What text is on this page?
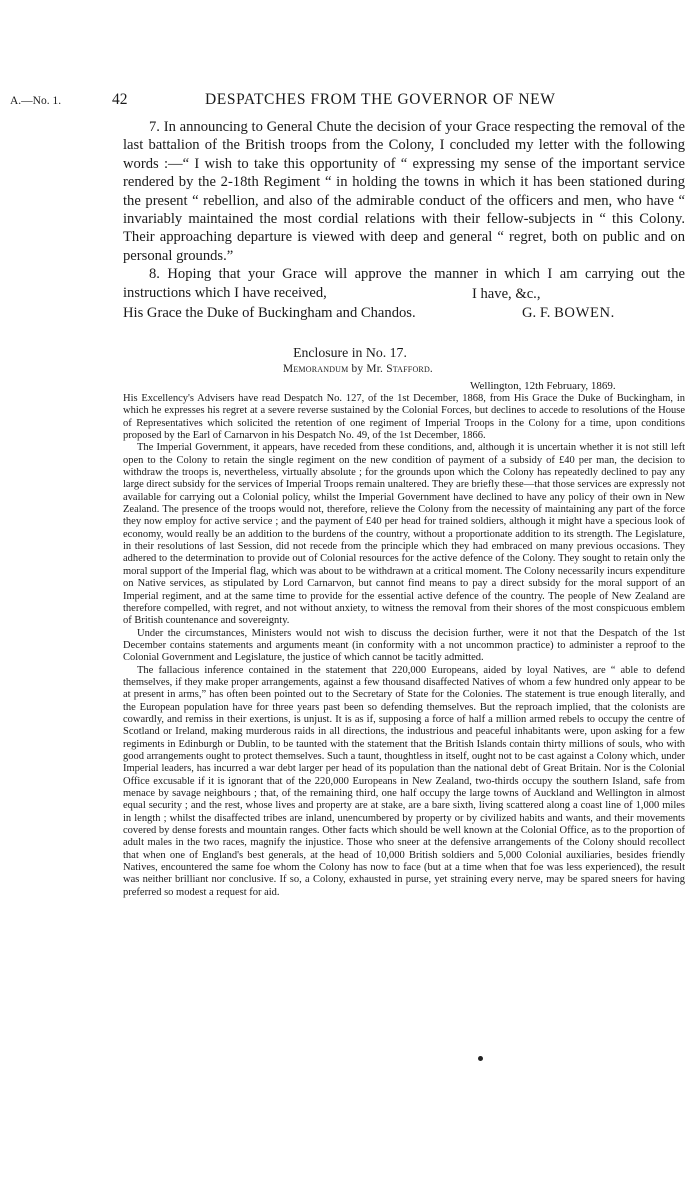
A.—No. 1.	42	DESPATCHES FROM THE GOVERNOR OF NEW

7. In announcing to General Chute the decision of your Grace respecting the removal of the last battalion of the British troops from the Colony, I concluded my letter with the following words :—“ I wish to take this opportunity of “ expressing my sense of the important service rendered by the 2-18th Regiment “ in holding the towns in which it has been stationed during the present “ rebellion, and also of the admirable conduct of the officers and men, who have “ invariably maintained the most cordial relations with their fellow-subjects in “ this Colony. Their approaching departure is viewed with deep and general “ regret, both on public and on personal grounds.”

8. Hoping that your Grace will approve the manner in which I am carrying out the instructions which I have received,	I have, &c.,
His Grace the Duke of Buckingham and Chandos.	G. F. BOWEN.
Enclosure in No. 17.
Memorandum by Mr. Stafford.
Wellington, 12th February, 1869.

His Excellency's Advisers have read Despatch No. 127, of the 1st December, 1868, from His Grace the Duke of Buckingham, in which he expresses his regret at a severe reverse sustained by the Colonial Forces, but declines to accede to resolutions of the House of Representatives which solicited the retention of one regiment of Imperial Troops in the Colony for a time, upon conditions proposed by the Earl of Carnarvon in his Despatch No. 49, of the 1st December, 1866.

The Imperial Government, it appears, have receded from these conditions, and, although it is uncertain whether it is not still left open to the Colony to retain the single regiment on the new condition of payment of a subsidy of £40 per man, the decision to withdraw the troops is, nevertheless, virtually absolute ; for the grounds upon which the Colony has repeatedly declined to pay any large direct subsidy for the services of Imperial Troops remain unaltered. They are briefly these—that those services are expressly not available for carrying out a Colonial policy, whilst the Imperial Government have declined to have any policy of their own in New Zealand. The presence of the troops would not, therefore, relieve the Colony from the necessity of maintaining any part of the force they now employ for active service ; and the payment of £40 per head for trained soldiers, although it might have a specious look of economy, would really be an addition to the burdens of the country, without a proportionate addition to its strength. The Legislature, in their resolutions of last Session, did not recede from the principle which they had embraced on many previous occasions. They adhered to the determination to provide out of Colonial resources for the active defence of the Colony. They sought to retain only the moral support of the Imperial flag, which was about to be withdrawn at a critical moment. The Colony necessarily incurs expenditure on Native services, as stipulated by Lord Carnarvon, but cannot find means to pay a direct subsidy for the moral support of an Imperial regiment, and at the same time to provide for the essential active defence of the country. The people of New Zealand are therefore compelled, with regret, and not without anxiety, to witness the removal from their shores of the most conspicuous emblem of British countenance and sovereignty.

Under the circumstances, Ministers would not wish to discuss the decision further, were it not that the Despatch of the 1st December contains statements and arguments meant (in conformity with a not uncommon practice) to administer a reproof to the Colonial Government and Legislature, the justice of which cannot be tacitly admitted.

The fallacious inference contained in the statement that 220,000 Europeans, aided by loyal Natives, are “ able to defend themselves, if they make proper arrangements, against a few thousand disaffected Natives of whom a few hundred only appear to be at present in arms,” has often been pointed out to the Secretary of State for the Colonies. The statement is true enough literally, and the European population have for three years past been so defending themselves. But the reproach implied, that the colonists are cowardly, and remiss in their exertions, is unjust. It is as if, supposing a force of half a million armed rebels to occupy the centre of Scotland or Ireland, making murderous raids in all directions, the industrious and peaceful inhabitants were, upon asking for a few regiments in Edinburgh or Dublin, to be taunted with the statement that the British Islands contain thirty millions of souls, who with good arrangements ought to protect themselves. Such a taunt, thoughtless in itself, ought not to be cast against a Colony which, under Imperial leaders, has incurred a war debt larger per head of its population than the national debt of Great Britain. Nor is the Colonial Office excusable if it is ignorant that of the 220,000 Europeans in New Zealand, two-thirds occupy the southern Island, safe from menace by savage neighbours ; that, of the remaining third, one half occupy the large towns of Auckland and Wellington in almost equal security ; and the rest, whose lives and property are at stake, are a bare sixth, living scattered along a coast line of 1,000 miles in length ; whilst the disaffected tribes are inland, unencumbered by property or by civilized habits and wants, and their movements covered by dense forests and mountain ranges. Other facts which should be well known at the Colonial Office, as to the proportion of adult males in the two races, magnify the injustice. Those who sneer at the defensive arrangements of the Colony should recollect that when one of England's best generals, at the head of 10,000 British soldiers and 5,000 Colonial auxiliaries, besides friendly Natives, encountered the same foe whom the Colony has now to face (but at a time when that foe was less experienced), the result was neither brilliant nor conclusive. If so, a Colony, exhausted in purse, yet straining every nerve, may be spared sneers for having preferred so modest a request for aid.
